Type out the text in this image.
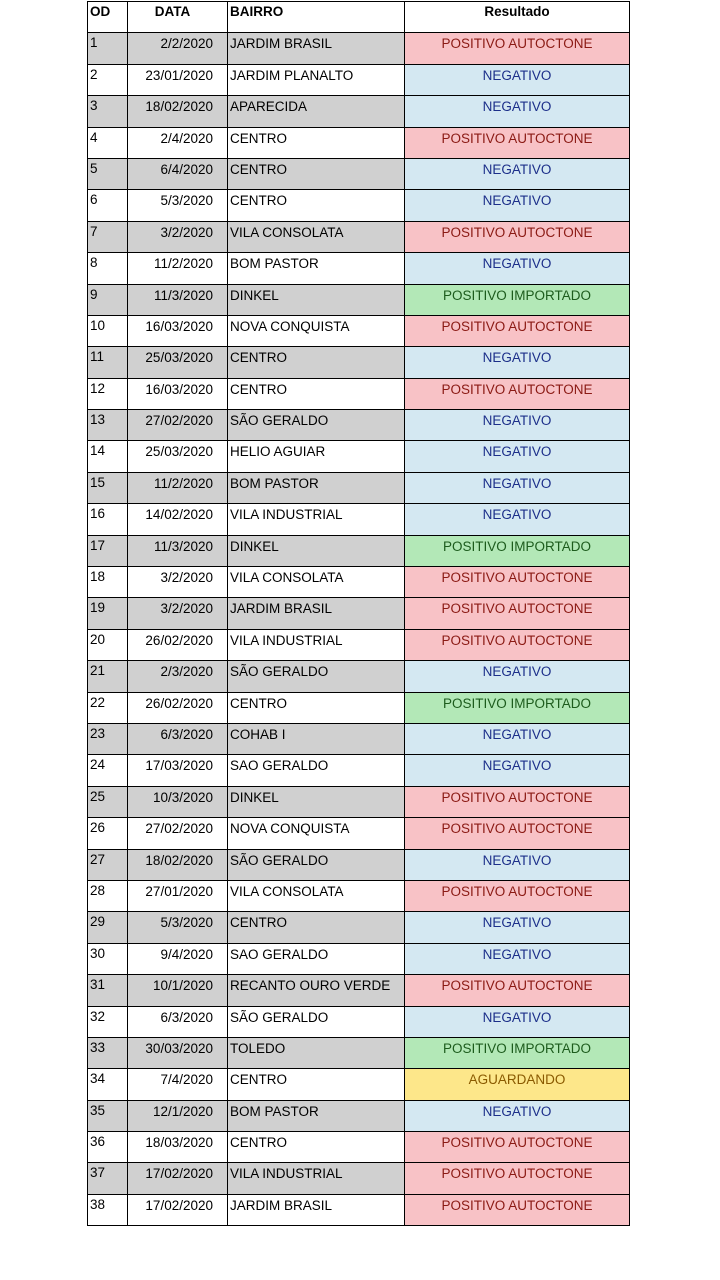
OD	DATA	BAIRRO	Resultado
1	2/2/2020	JARDIM BRASIL	POSITIVO AUTOCTONE
2	23/01/2020	JARDIM PLANALTO	NEGATIVO
3	18/02/2020	APARECIDA	NEGATIVO
4	2/4/2020	CENTRO	POSITIVO AUTOCTONE
5	6/4/2020	CENTRO	NEGATIVO
6	5/3/2020	CENTRO	NEGATIVO
7	3/2/2020	VILA CONSOLATA	POSITIVO AUTOCTONE
8	11/2/2020	BOM PASTOR	NEGATIVO
9	11/3/2020	DINKEL	POSITIVO IMPORTADO
10	16/03/2020	NOVA CONQUISTA	POSITIVO AUTOCTONE
11	25/03/2020	CENTRO	NEGATIVO
12	16/03/2020	CENTRO	POSITIVO AUTOCTONE
13	27/02/2020	SÃO GERALDO	NEGATIVO
14	25/03/2020	HELIO AGUIAR	NEGATIVO
15	11/2/2020	BOM PASTOR	NEGATIVO
16	14/02/2020	VILA INDUSTRIAL	NEGATIVO
17	11/3/2020	DINKEL	POSITIVO IMPORTADO
18	3/2/2020	VILA CONSOLATA	POSITIVO AUTOCTONE
19	3/2/2020	JARDIM BRASIL	POSITIVO AUTOCTONE
20	26/02/2020	VILA INDUSTRIAL	POSITIVO AUTOCTONE
21	2/3/2020	SÃO GERALDO	NEGATIVO
22	26/02/2020	CENTRO	POSITIVO IMPORTADO
23	6/3/2020	COHAB I	NEGATIVO
24	17/03/2020	SAO GERALDO	NEGATIVO
25	10/3/2020	DINKEL	POSITIVO AUTOCTONE
26	27/02/2020	NOVA CONQUISTA	POSITIVO AUTOCTONE
27	18/02/2020	SÃO GERALDO	NEGATIVO
28	27/01/2020	VILA CONSOLATA	POSITIVO AUTOCTONE
29	5/3/2020	CENTRO	NEGATIVO
30	9/4/2020	SAO GERALDO	NEGATIVO
31	10/1/2020	RECANTO OURO VERDE	POSITIVO AUTOCTONE
32	6/3/2020	SÃO GERALDO	NEGATIVO
33	30/03/2020	TOLEDO	POSITIVO IMPORTADO
34	7/4/2020	CENTRO	AGUARDANDO
35	12/1/2020	BOM PASTOR	NEGATIVO
36	18/03/2020	CENTRO	POSITIVO AUTOCTONE
37	17/02/2020	VILA INDUSTRIAL	POSITIVO AUTOCTONE
38	17/02/2020	JARDIM BRASIL	POSITIVO AUTOCTONE
